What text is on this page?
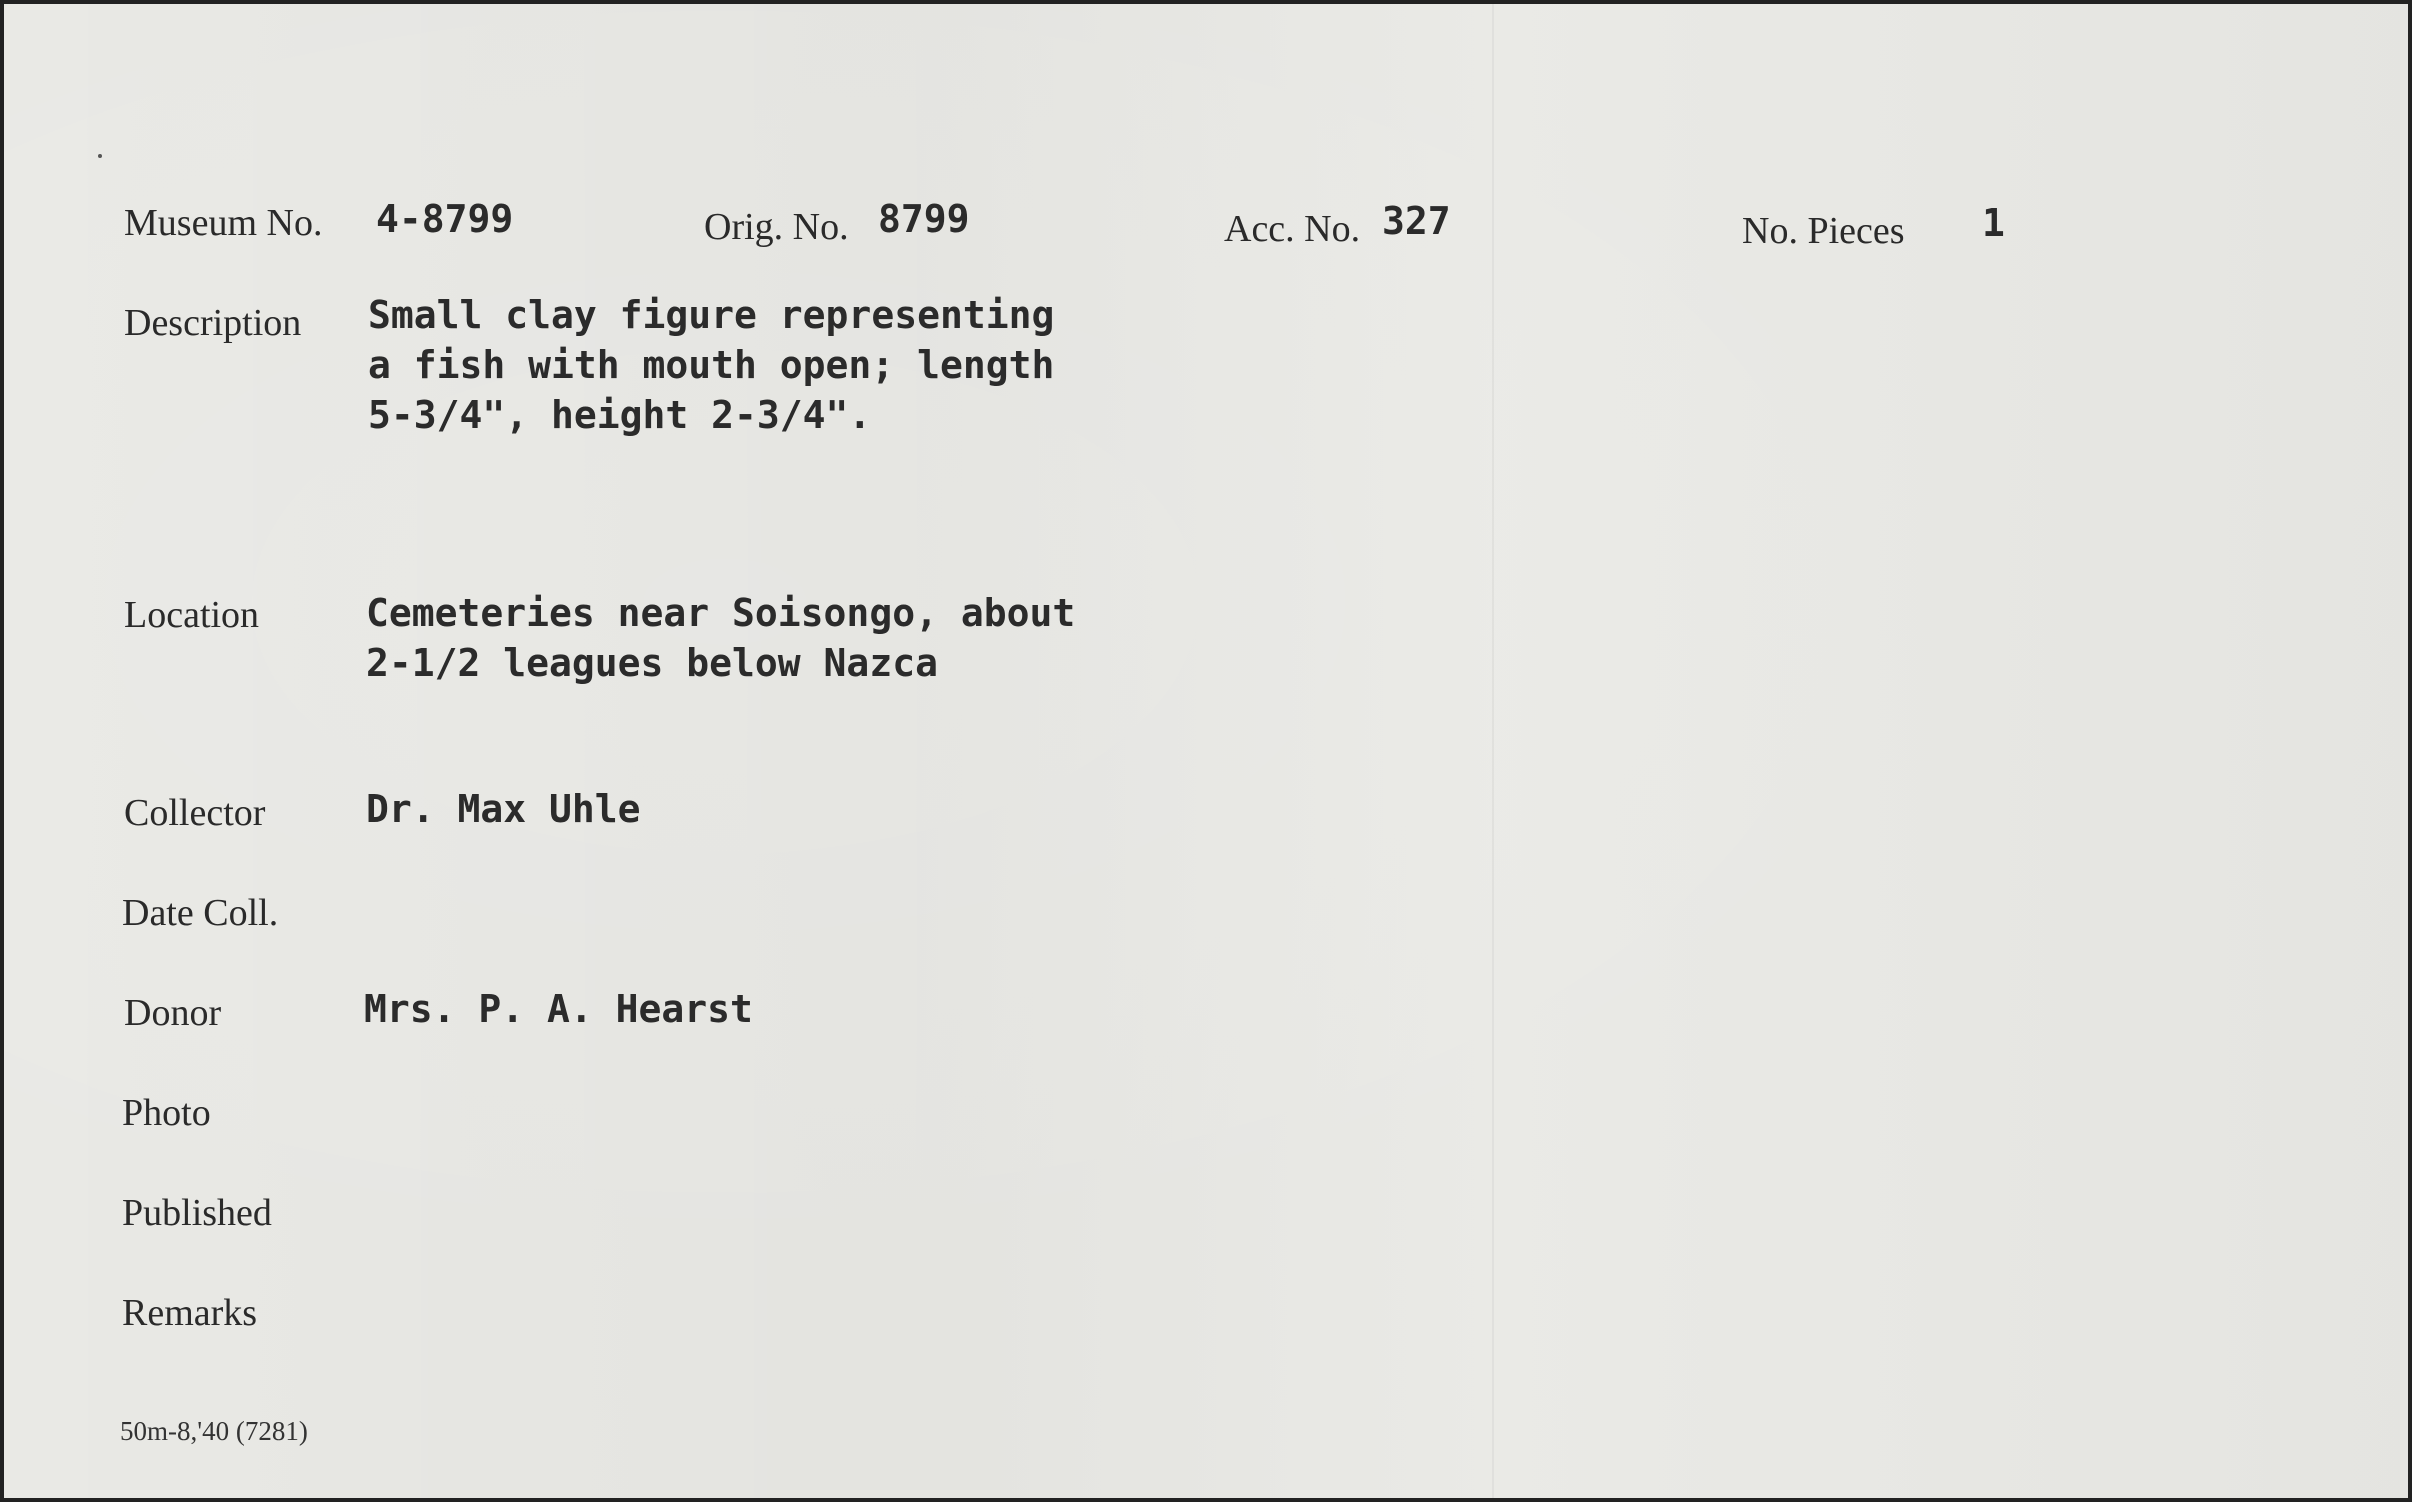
Museum No. 4-8799	Orig. No. 8799	Acc. No. 327	No. Pieces 1
Description Small clay figure representing
a fish with mouth open; length
5-3/4", height 2-3/4".
Location	Cemeteries near Soisongo, about
2-1/2 leagues below Nazca
Collector	Dr. Max Uhle
Date Coll.
Donor	Mrs. P. A. Hearst
Photo
Published
Remarks
50m-8,'40 (7281)
